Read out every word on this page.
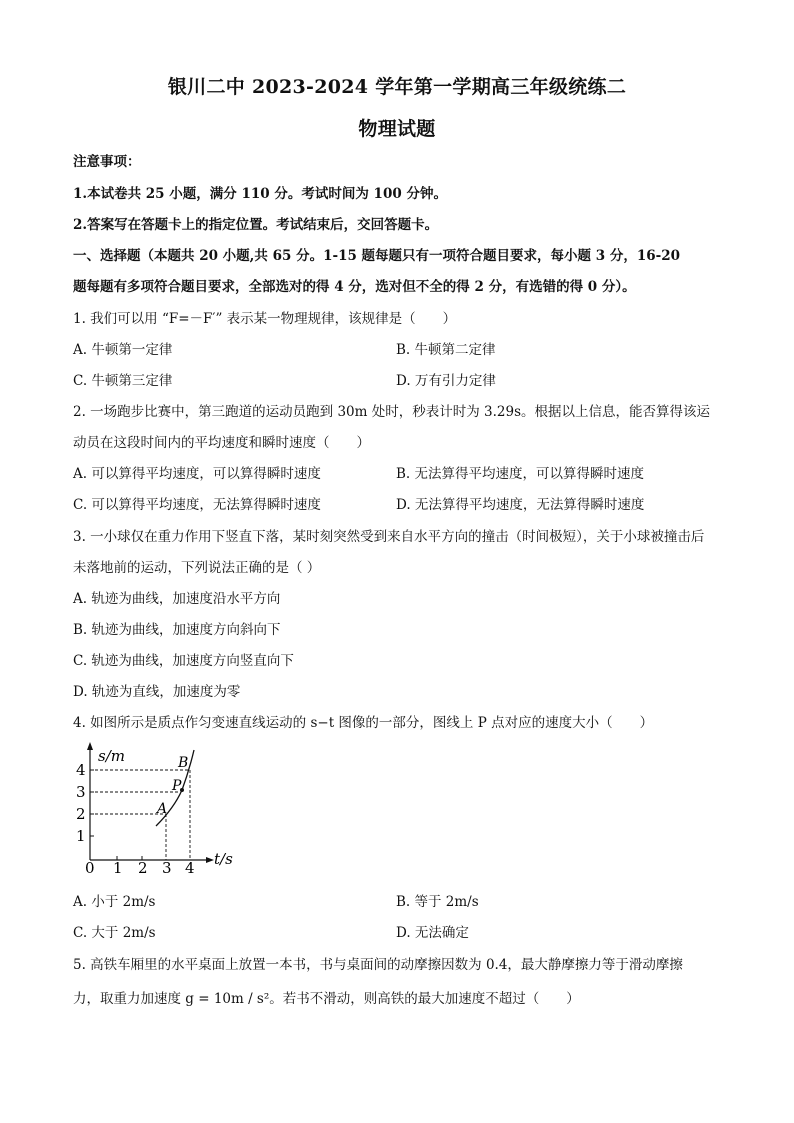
银川二中 2023-2024 学年第一学期高三年级统练二
物理试题
注意事项：
1.本试卷共 25 小题，满分 110 分。考试时间为 100 分钟。
2.答案写在答题卡上的指定位置。考试结束后，交回答题卡。
一、选择题（本题共 20 小题,共 65 分。1-15 题每题只有一项符合题目要求，每小题 3 分，16-20
题每题有多项符合题目要求，全部选对的得 4 分，选对但不全的得 2 分，有选错的得 0 分）。
1. 我们可以用 “F=－F′” 表示某一物理规律，该规律是（　　）
A. 牛顿第一定律	B. 牛顿第二定律
C. 牛顿第三定律	D. 万有引力定律
2. 一场跑步比赛中，第三跑道的运动员跑到 30m 处时，秒表计时为 3.29s。根据以上信息，能否算得该运
动员在这段时间内的平均速度和瞬时速度（　　）
A. 可以算得平均速度，可以算得瞬时速度	B. 无法算得平均速度，可以算得瞬时速度
C. 可以算得平均速度，无法算得瞬时速度	D. 无法算得平均速度，无法算得瞬时速度
3. 一小球仅在重力作用下竖直下落，某时刻突然受到来自水平方向的撞击（时间极短），关于小球被撞击后
未落地前的运动，下列说法正确的是（ ）
A. 轨迹为曲线，加速度沿水平方向
B. 轨迹为曲线，加速度方向斜向下
C. 轨迹为曲线，加速度方向竖直向下
D. 轨迹为直线，加速度为零
4. 如图所示是质点作匀变速直线运动的 s−t 图像的一部分，图线上 P 点对应的速度大小（　　）
s/m
t/s
1
2
3
4
0 1 2 3 4
A
P
B
A. 小于 2m/s	B. 等于 2m/s
C. 大于 2m/s	D. 无法确定
5. 高铁车厢里的水平桌面上放置一本书，书与桌面间的动摩擦因数为 0.4，最大静摩擦力等于滑动摩擦
力，取重力加速度 g = 10m / s²。若书不滑动，则高铁的最大加速度不超过（　　）
